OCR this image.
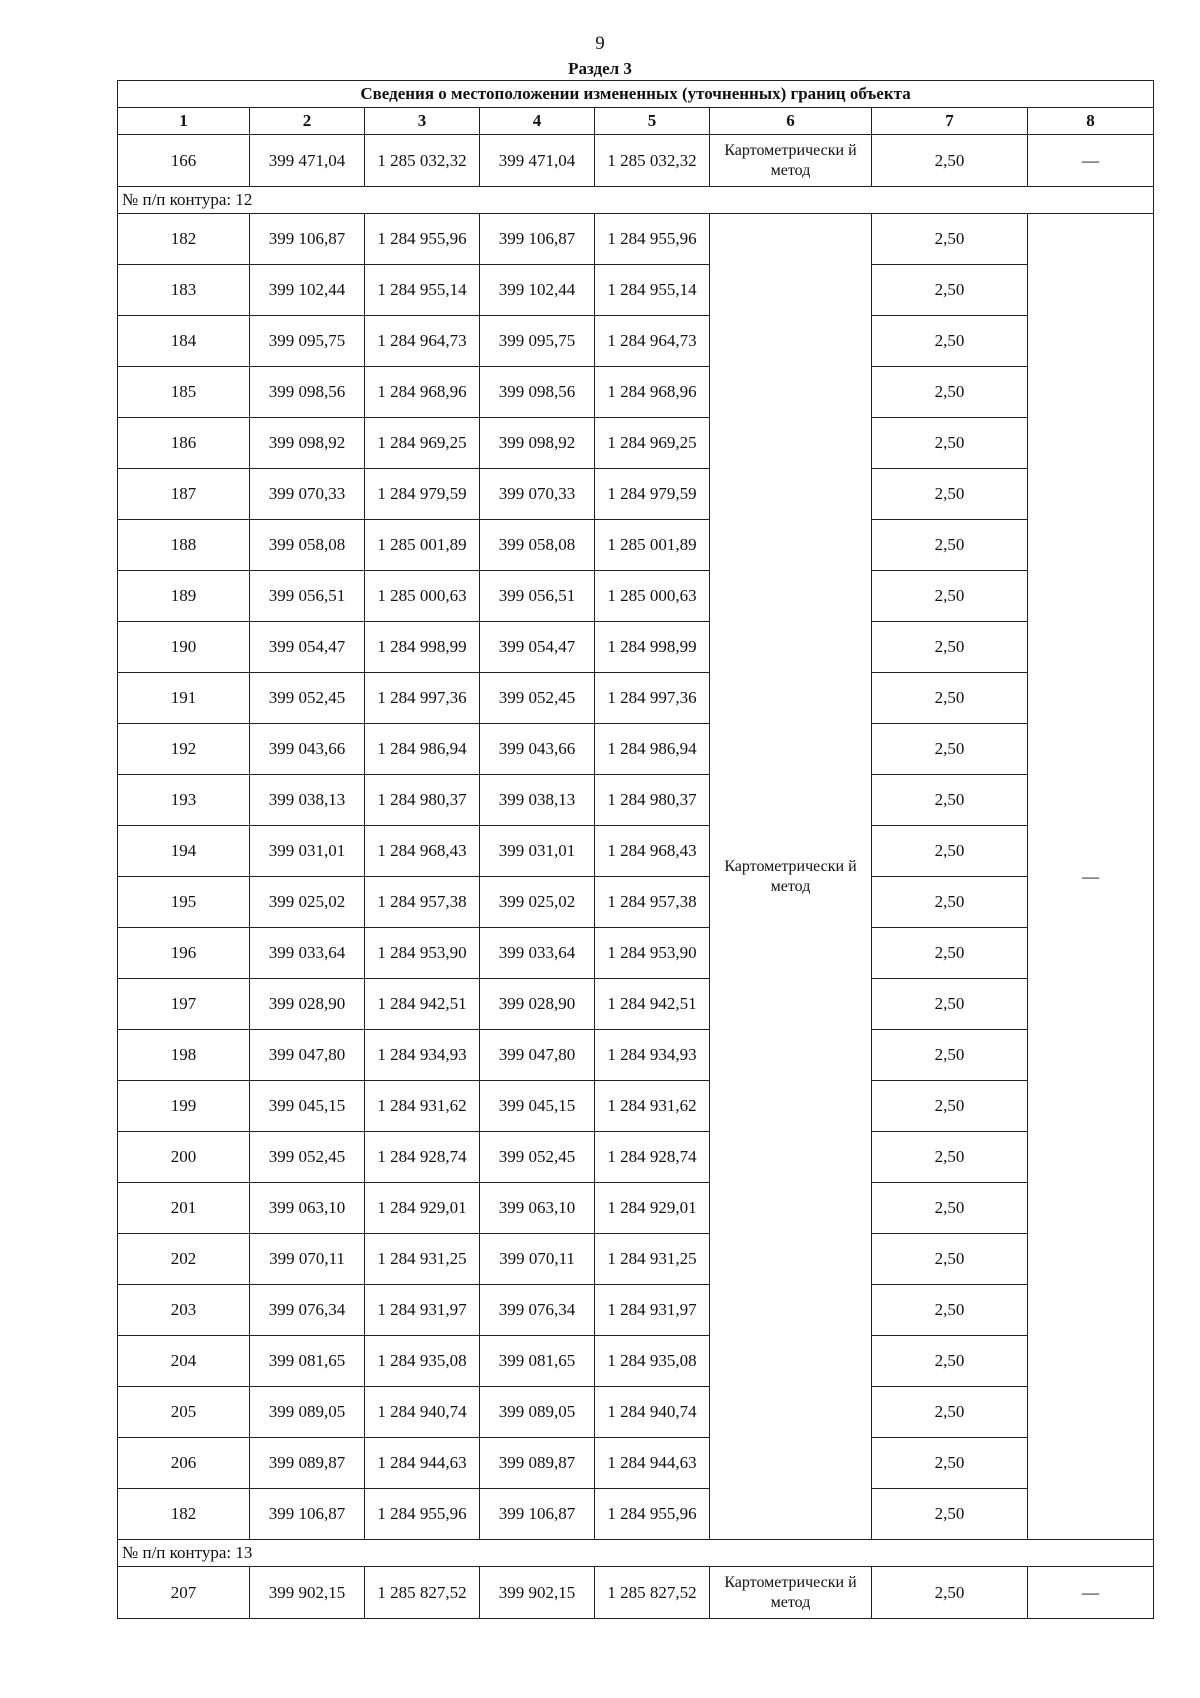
9
Раздел 3
Сведения о местоположении измененных (уточненных) границ объекта							
1	2	3	4	5	6	7	8
166	399 471,04	1 285 032,32	399 471,04	1 285 032,32	Картометрически й метод	2,50	—
№ п/п контура: 12							
182	399 106,87	1 284 955,96	399 106,87	1 284 955,96	Картометрически й метод	2,50	—
183	399 102,44	1 284 955,14	399 102,44	1 284 955,14		2,50	
184	399 095,75	1 284 964,73	399 095,75	1 284 964,73		2,50	
185	399 098,56	1 284 968,96	399 098,56	1 284 968,96		2,50	
186	399 098,92	1 284 969,25	399 098,92	1 284 969,25		2,50	
187	399 070,33	1 284 979,59	399 070,33	1 284 979,59		2,50	
188	399 058,08	1 285 001,89	399 058,08	1 285 001,89		2,50	
189	399 056,51	1 285 000,63	399 056,51	1 285 000,63		2,50	
190	399 054,47	1 284 998,99	399 054,47	1 284 998,99		2,50	
191	399 052,45	1 284 997,36	399 052,45	1 284 997,36		2,50	
192	399 043,66	1 284 986,94	399 043,66	1 284 986,94		2,50	
193	399 038,13	1 284 980,37	399 038,13	1 284 980,37		2,50	
194	399 031,01	1 284 968,43	399 031,01	1 284 968,43		2,50	
195	399 025,02	1 284 957,38	399 025,02	1 284 957,38		2,50	
196	399 033,64	1 284 953,90	399 033,64	1 284 953,90		2,50	
197	399 028,90	1 284 942,51	399 028,90	1 284 942,51		2,50	
198	399 047,80	1 284 934,93	399 047,80	1 284 934,93		2,50	
199	399 045,15	1 284 931,62	399 045,15	1 284 931,62		2,50	
200	399 052,45	1 284 928,74	399 052,45	1 284 928,74		2,50	
201	399 063,10	1 284 929,01	399 063,10	1 284 929,01		2,50	
202	399 070,11	1 284 931,25	399 070,11	1 284 931,25		2,50	
203	399 076,34	1 284 931,97	399 076,34	1 284 931,97		2,50	
204	399 081,65	1 284 935,08	399 081,65	1 284 935,08		2,50	
205	399 089,05	1 284 940,74	399 089,05	1 284 940,74		2,50	
206	399 089,87	1 284 944,63	399 089,87	1 284 944,63		2,50	
182	399 106,87	1 284 955,96	399 106,87	1 284 955,96		2,50	
№ п/п контура: 13							
207	399 902,15	1 285 827,52	399 902,15	1 285 827,52	Картометрически й метод	2,50	—
